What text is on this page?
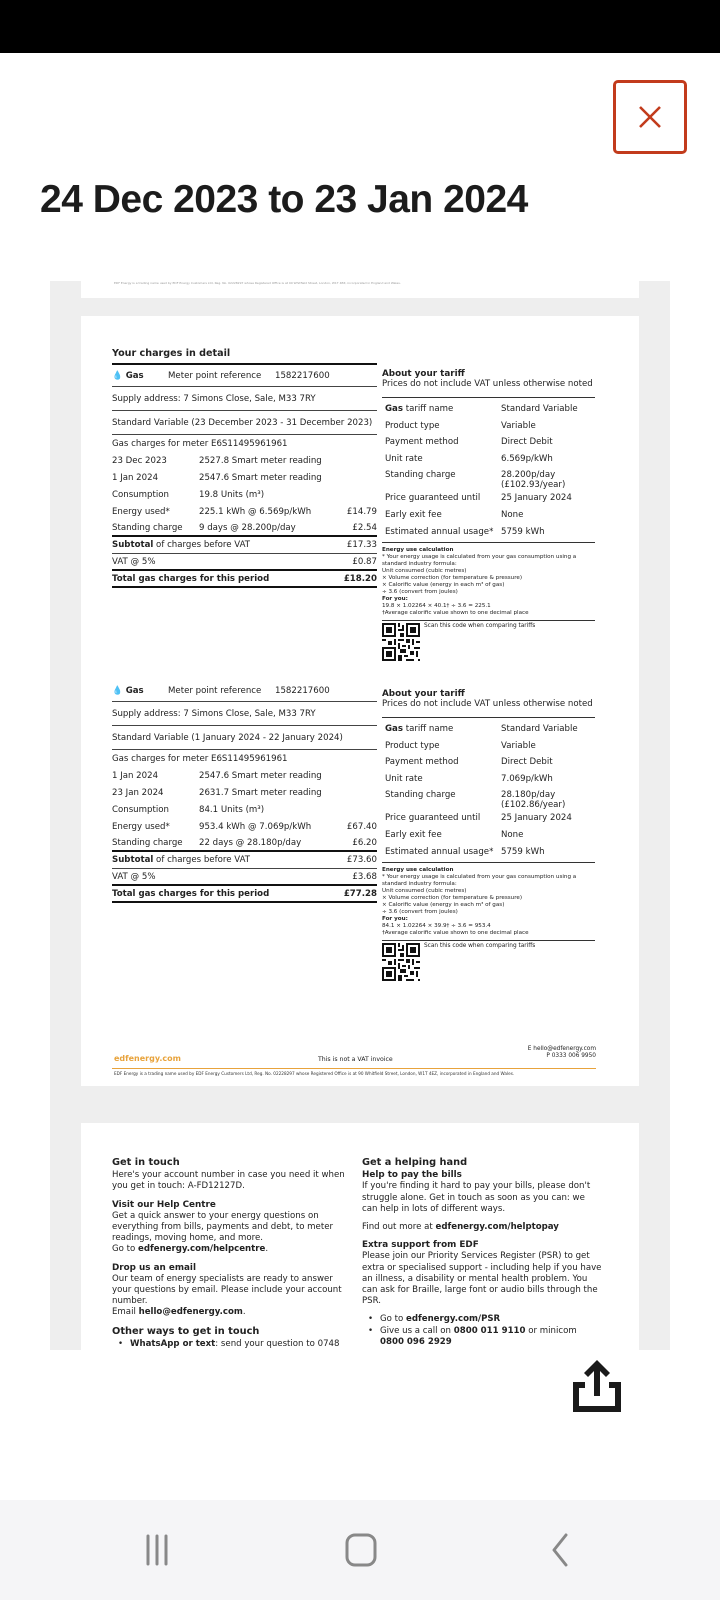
24 Dec 2023 to 23 Jan 2024
EDF Energy is a trading name used by EDF Energy Customers Ltd, Reg. No. 02228297 whose Registered Office is at 90 Whitfield Street, London, W1T 4EZ, incorporated in England and Wales.
Your charges in detail
💧 Gas	Meter point reference	1582217600
Supply address: 7 Simons Close, Sale, M33 7RY
Standard Variable (23 December 2023 - 31 December 2023)
Gas charges for meter E6S11495961961
23 Dec 2023	2527.8 Smart meter reading
1 Jan 2024	2547.6 Smart meter reading
Consumption	19.8 Units (m³)
Energy used*	225.1 kWh @ 6.569p/kWh	£14.79
Standing charge	9 days @ 28.200p/day	£2.54
Subtotal of charges before VAT	£17.33
VAT @ 5%	£0.87
Total gas charges for this period	£18.20
About your tariff
Prices do not include VAT unless otherwise noted
Gas tariff name	Standard Variable
Product type	Variable
Payment method	Direct Debit
Unit rate	6.569p/kWh
Standing charge	28.200p/day
(£102.93/year)
Price guaranteed until	25 January 2024
Early exit fee	None
Estimated annual usage* 5759 kWh
Energy use calculation
* Your energy usage is calculated from your gas consumption using a standard industry formula:
Unit consumed (cubic metres)
× Volume correction (for temperature & pressure)
× Calorific value (energy in each m³ of gas)
÷ 3.6 (convert from joules)
For you:
19.8 × 1.02264 × 40.1† ÷ 3.6 = 225.1
†Average calorific value shown to one decimal place
Scan this code when comparing tariffs
💧 Gas	Meter point reference	1582217600
Supply address: 7 Simons Close, Sale, M33 7RY
Standard Variable (1 January 2024 - 22 January 2024)
Gas charges for meter E6S11495961961
1 Jan 2024	2547.6 Smart meter reading
23 Jan 2024	2631.7 Smart meter reading
Consumption	84.1 Units (m³)
Energy used*	953.4 kWh @ 7.069p/kWh	£67.40
Standing charge	22 days @ 28.180p/day	£6.20
Subtotal of charges before VAT	£73.60
VAT @ 5%	£3.68
Total gas charges for this period	£77.28
About your tariff
Prices do not include VAT unless otherwise noted
Gas tariff name	Standard Variable
Product type	Variable
Payment method	Direct Debit
Unit rate	7.069p/kWh
Standing charge	28.180p/day
(£102.86/year)
Price guaranteed until	25 January 2024
Early exit fee	None
Estimated annual usage* 5759 kWh
Energy use calculation
* Your energy usage is calculated from your gas consumption using a standard industry formula:
Unit consumed (cubic metres)
× Volume correction (for temperature & pressure)
× Calorific value (energy in each m³ of gas)
÷ 3.6 (convert from joules)
For you:
84.1 × 1.02264 × 39.9† ÷ 3.6 = 953.4
†Average calorific value shown to one decimal place
Scan this code when comparing tariffs
edfenergy.com	This is not a VAT invoice
E hello@edfenergy.com
P 0333 006 9950
EDF Energy is a trading name used by EDF Energy Customers Ltd, Reg. No. 02228297 whose Registered Office is at 90 Whitfield Street, London, W1T 4EZ, incorporated in England and Wales.
Get in touch

Here's your account number in case you need it when you get in touch: A-FD12127D.

Visit our Help Centre

Get a quick answer to your energy questions on everything from bills, payments and debt, to meter readings, moving home, and more.
Go to edfenergy.com/helpcentre.

Drop us an email

Our team of energy specialists are ready to answer your questions by email. Please include your account number.
Email hello@edfenergy.com.

Other ways to get in touch
• WhatsApp or text: send your question to 0748
Get a helping hand
Help to pay the bills

If you're finding it hard to pay your bills, please don't struggle alone. Get in touch as soon as you can: we can help in lots of different ways.

Find out more at edfenergy.com/helptopay

Extra support from EDF

Please join our Priority Services Register (PSR) to get extra or specialised support - including help if you have an illness, a disability or mental health problem. You can ask for Braille, large font or audio bills through the PSR.

• Go to edfenergy.com/PSR
• Give us a call on 0800 011 9110 or minicom
0800 096 2929
